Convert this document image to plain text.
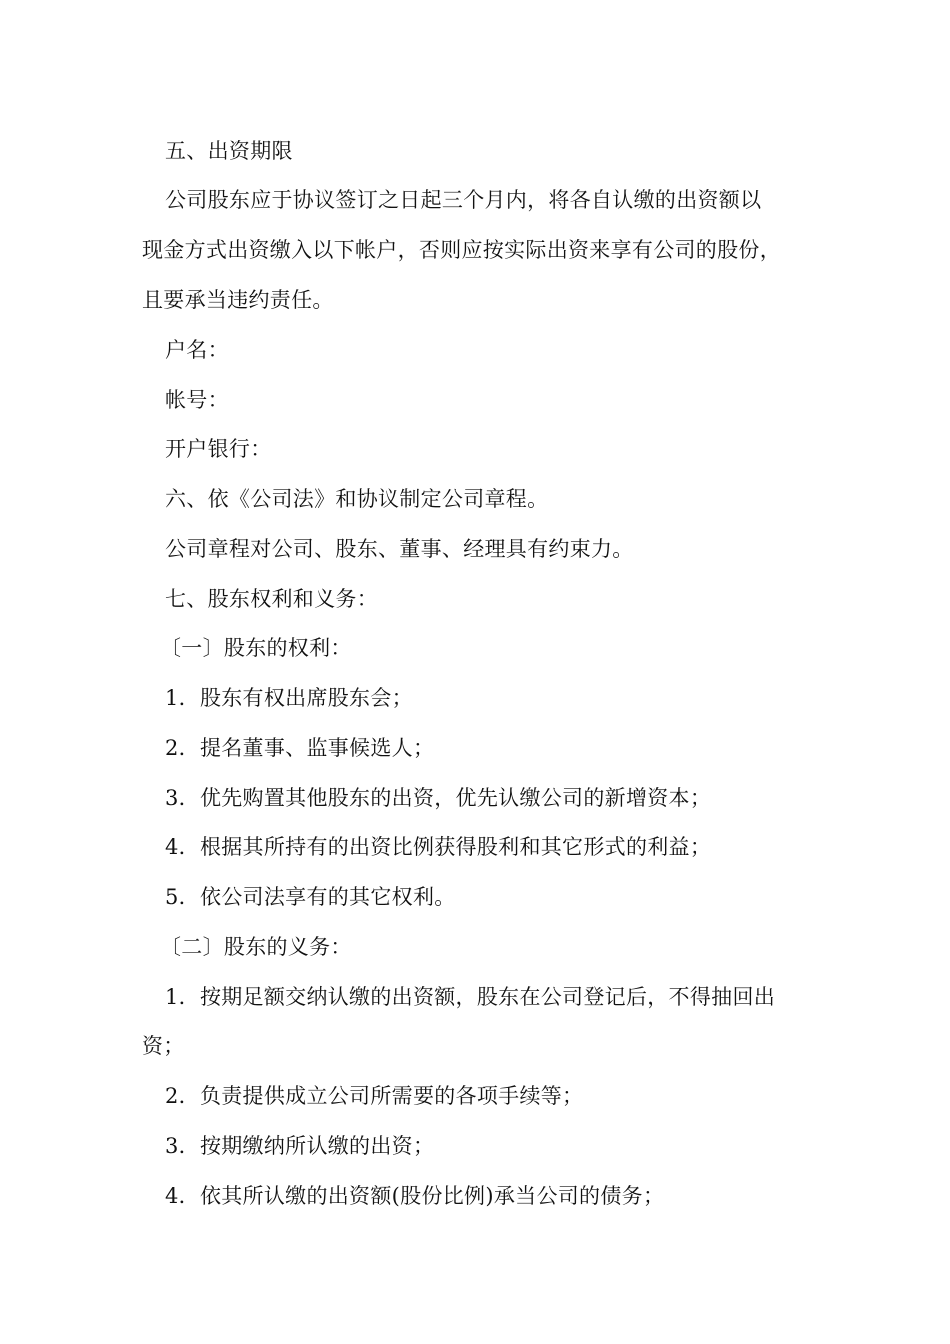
五、出资期限
公司股东应于协议签订之日起三个月内，将各自认缴的出资额以
现金方式出资缴入以下帐户，否则应按实际出资来享有公司的股份，
且要承当违约责任。
户名：
帐号：
开户银行：
六、依《公司法》和协议制定公司章程。
公司章程对公司、股东、董事、经理具有约束力。
七、股东权利和义务：
〔一〕股东的权利：
1．股东有权出席股东会；
2．提名董事、监事候选人；
3．优先购置其他股东的出资，优先认缴公司的新增资本；
4．根据其所持有的出资比例获得股利和其它形式的利益；
5．依公司法享有的其它权利。
〔二〕股东的义务：
1．按期足额交纳认缴的出资额，股东在公司登记后，不得抽回出
资；
2．负责提供成立公司所需要的各项手续等；
3．按期缴纳所认缴的出资；
4．依其所认缴的出资额(股份比例)承当公司的债务；
